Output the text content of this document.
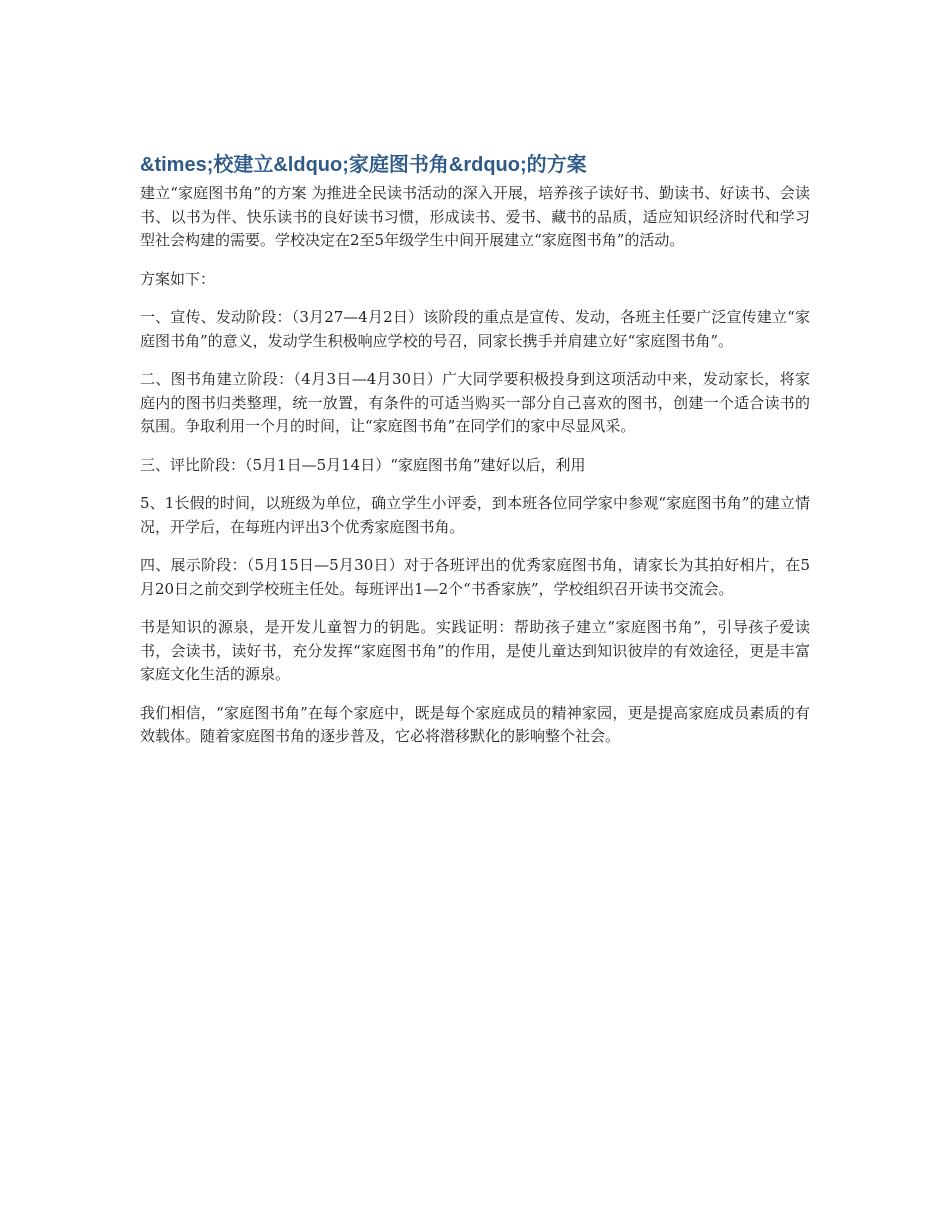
&times;校建立&ldquo;家庭图书角&rdquo;的方案

建立“家庭图书角”的方案 为推进全民读书活动的深入开展，培养孩子读好书、勤读书、好读书、会读书、以书为伴、快乐读书的良好读书习惯，形成读书、爱书、藏书的品质，适应知识经济时代和学习型社会构建的需要。学校决定在2至5年级学生中间开展建立“家庭图书角”的活动。

方案如下：

一、宣传、发动阶段：（3月27—4月2日）该阶段的重点是宣传、发动，各班主任要广泛宣传建立“家庭图书角”的意义，发动学生积极响应学校的号召，同家长携手并肩建立好“家庭图书角”。

二、图书角建立阶段：（4月3日—4月30日）广大同学要积极投身到这项活动中来，发动家长，将家庭内的图书归类整理，统一放置，有条件的可适当购买一部分自己喜欢的图书，创建一个适合读书的氛围。争取利用一个月的时间，让“家庭图书角”在同学们的家中尽显风采。

三、评比阶段：（5月1日—5月14日）“家庭图书角”建好以后，利用

5、1长假的时间，以班级为单位，确立学生小评委，到本班各位同学家中参观“家庭图书角”的建立情况，开学后，在每班内评出3个优秀家庭图书角。

四、展示阶段：（5月15日—5月30日）对于各班评出的优秀家庭图书角，请家长为其拍好相片，在5月20日之前交到学校班主任处。每班评出1—2个“书香家族”，学校组织召开读书交流会。

书是知识的源泉，是开发儿童智力的钥匙。实践证明：帮助孩子建立“家庭图书角”，引导孩子爱读书，会读书，读好书，充分发挥“家庭图书角”的作用，是使儿童达到知识彼岸的有效途径，更是丰富家庭文化生活的源泉。

我们相信，“家庭图书角”在每个家庭中，既是每个家庭成员的精神家园，更是提高家庭成员素质的有效载体。随着家庭图书角的逐步普及，它必将潜移默化的影响整个社会。
